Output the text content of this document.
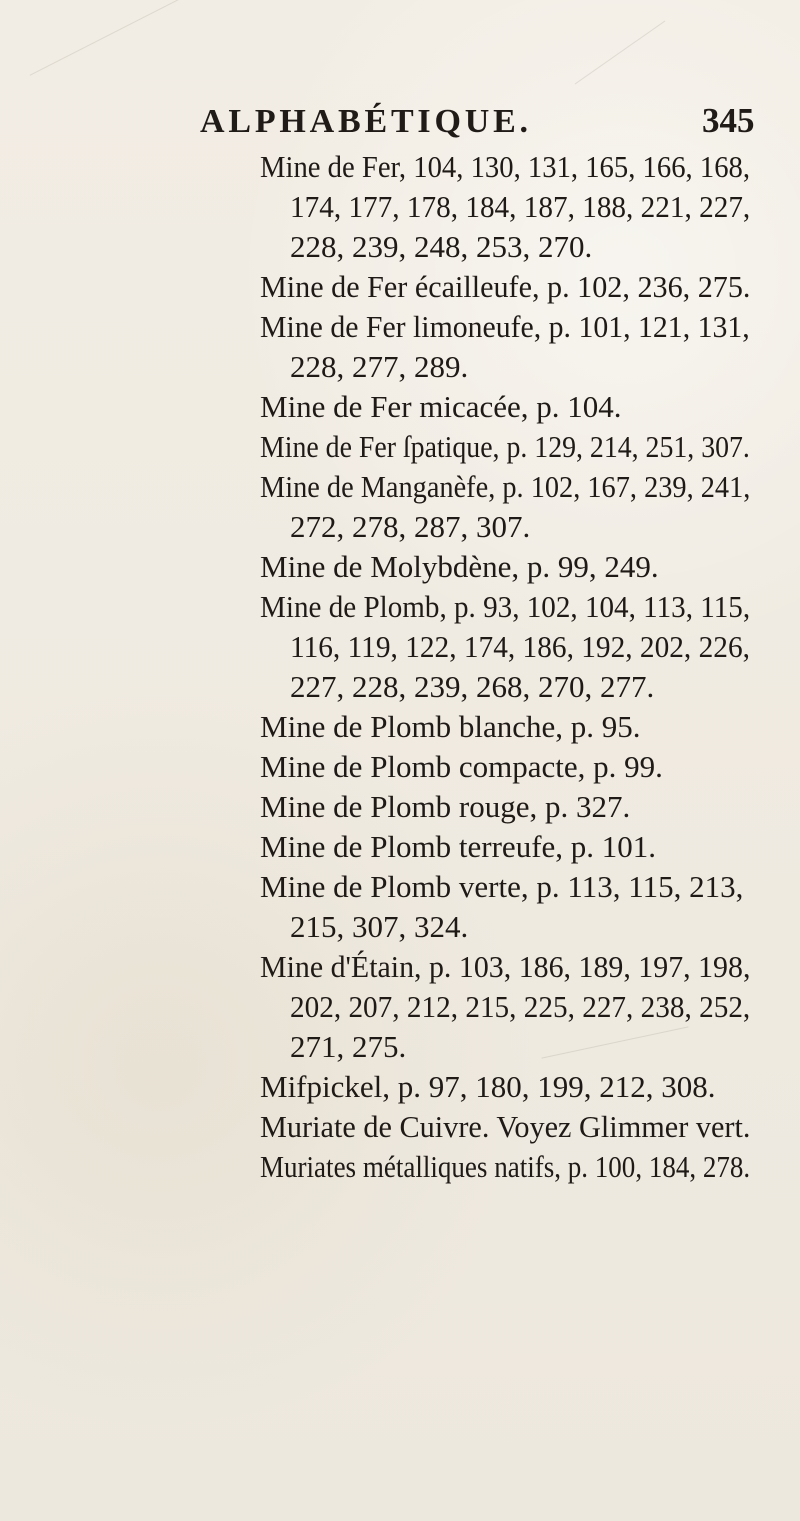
ALPHABÉTIQUE.	345
Mine de Fer, 104, 130, 131, 165, 166, 168,
174, 177, 178, 184, 187, 188, 221, 227,
228, 239, 248, 253, 270.
Mine de Fer écailleufe, p. 102, 236, 275.
Mine de Fer limoneufe, p. 101, 121, 131,
228, 277, 289.
Mine de Fer micacée, p. 104.
Mine de Fer ſpatique, p. 129, 214, 251, 307.
Mine de Manganèfe, p. 102, 167, 239, 241,
272, 278, 287, 307.
Mine de Molybdène, p. 99, 249.
Mine de Plomb, p. 93, 102, 104, 113, 115,
116, 119, 122, 174, 186, 192, 202, 226,
227, 228, 239, 268, 270, 277.
Mine de Plomb blanche, p. 95.
Mine de Plomb compacte, p. 99.
Mine de Plomb rouge, p. 327.
Mine de Plomb terreufe, p. 101.
Mine de Plomb verte, p. 113, 115, 213,
215, 307, 324.
Mine d'Étain, p. 103, 186, 189, 197, 198,
202, 207, 212, 215, 225, 227, 238, 252,
271, 275.
Mifpickel, p. 97, 180, 199, 212, 308.
Muriate de Cuivre. Voyez Glimmer vert.
Muriates métalliques natifs, p. 100, 184, 278.
